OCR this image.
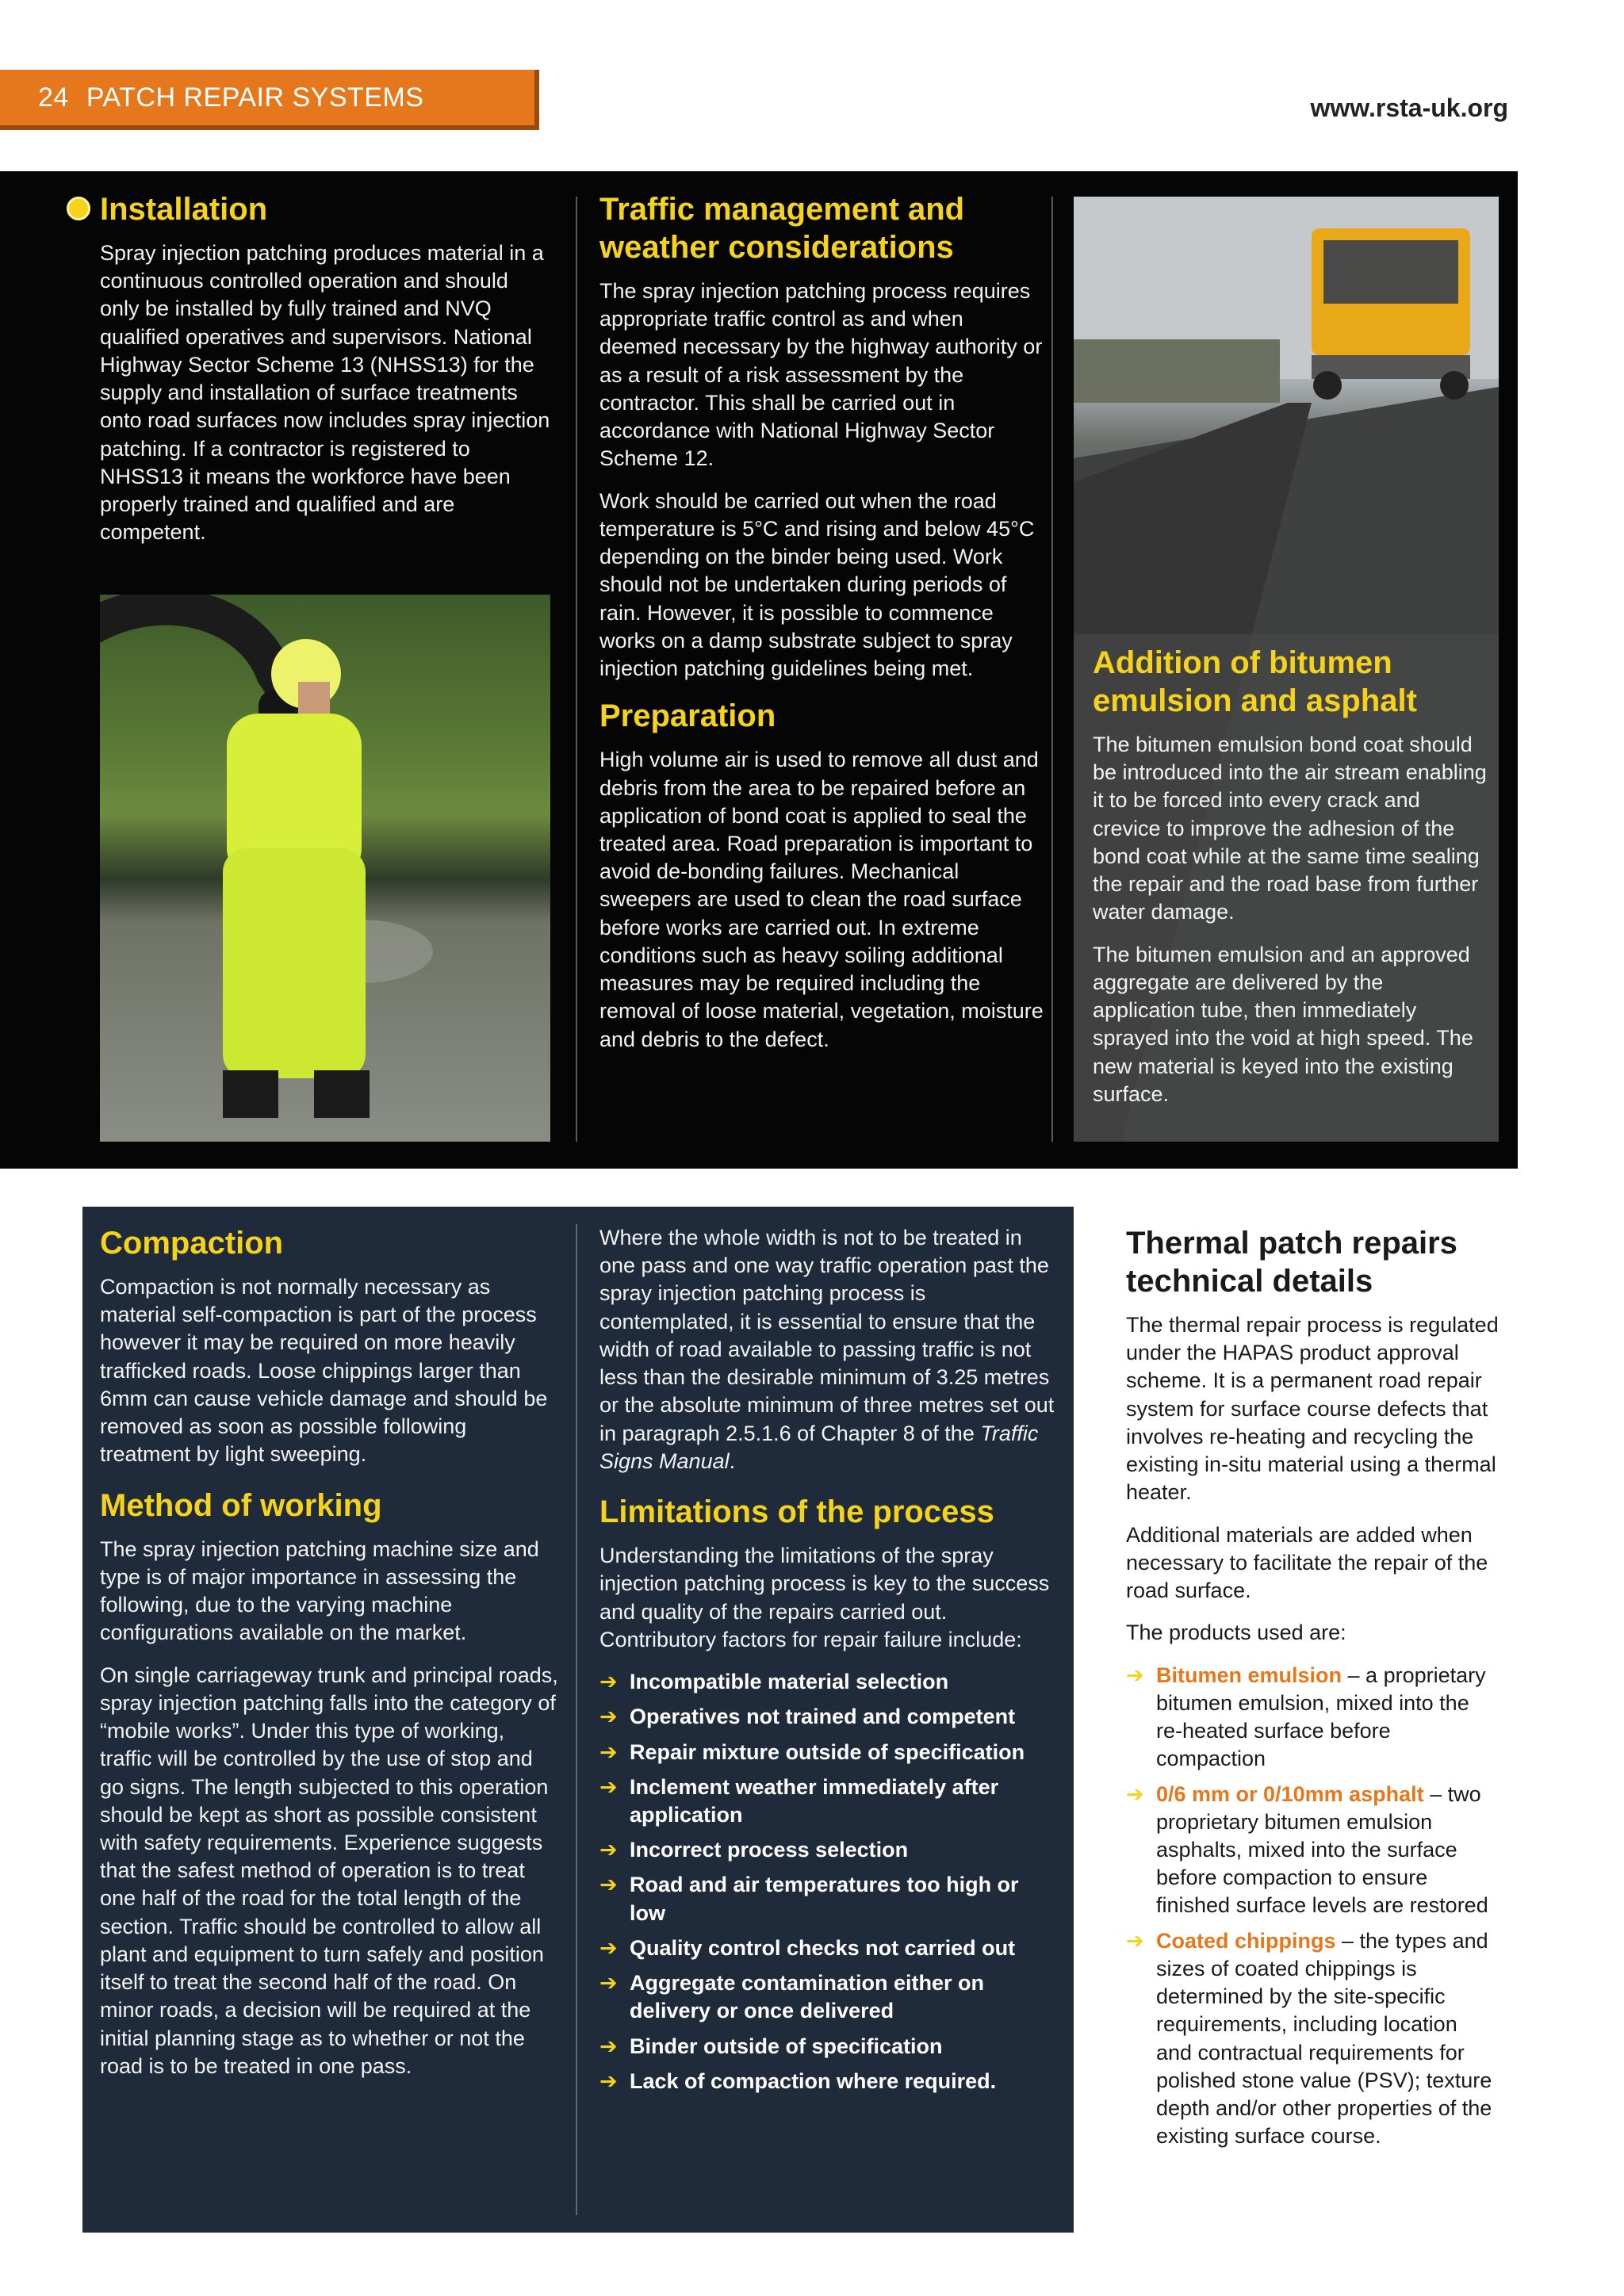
24 PATCH REPAIR SYSTEMS	www.rsta-uk.org
Installation

Spray injection patching produces material in a continuous controlled operation and should only be installed by fully trained and NVQ qualified operatives and supervisors. National Highway Sector Scheme 13 (NHSS13) for the supply and installation of surface treatments onto road surfaces now includes spray injection patching. If a contractor is registered to NHSS13 it means the workforce have been properly trained and qualified and are competent.

Traffic management and weather considerations

The spray injection patching process requires appropriate traffic control as and when deemed necessary by the highway authority or as a result of a risk assessment by the contractor. This shall be carried out in accordance with National Highway Sector Scheme 12.

Work should be carried out when the road temperature is 5°C and rising and below 45°C depending on the binder being used. Work should not be undertaken during periods of rain. However, it is possible to commence works on a damp substrate subject to spray injection patching guidelines being met.

Preparation

High volume air is used to remove all dust and debris from the area to be repaired before an application of bond coat is applied to seal the treated area. Road preparation is important to avoid de-bonding failures. Mechanical sweepers are used to clean the road surface before works are carried out. In extreme conditions such as heavy soiling additional measures may be required including the removal of loose material, vegetation, moisture and debris to the defect.

Addition of bitumen emulsion and asphalt

The bitumen emulsion bond coat should be introduced into the air stream enabling it to be forced into every crack and crevice to improve the adhesion of the bond coat while at the same time sealing the repair and the road base from further water damage.

The bitumen emulsion and an approved aggregate are delivered by the application tube, then immediately sprayed into the void at high speed. The new material is keyed into the existing surface.

Compaction

Compaction is not normally necessary as material self-compaction is part of the process however it may be required on more heavily trafficked roads. Loose chippings larger than 6mm can cause vehicle damage and should be removed as soon as possible following treatment by light sweeping.

Method of working

The spray injection patching machine size and type is of major importance in assessing the following, due to the varying machine configurations available on the market.

On single carriageway trunk and principal roads, spray injection patching falls into the category of “mobile works”. Under this type of working, traffic will be controlled by the use of stop and go signs. The length subjected to this operation should be kept as short as possible consistent with safety requirements. Experience suggests that the safest method of operation is to treat one half of the road for the total length of the section. Traffic should be controlled to allow all plant and equipment to turn safely and position itself to treat the second half of the road. On minor roads, a decision will be required at the initial planning stage as to whether or not the road is to be treated in one pass.

Where the whole width is not to be treated in one pass and one way traffic operation past the spray injection patching process is contemplated, it is essential to ensure that the width of road available to passing traffic is not less than the desirable minimum of 3.25 metres or the absolute minimum of three metres set out in paragraph 2.5.1.6 of Chapter 8 of the Traffic Signs Manual.

Limitations of the process

Understanding the limitations of the spray injection patching process is key to the success and quality of the repairs carried out. Contributory factors for repair failure include:

➔ Incompatible material selection
➔ Operatives not trained and competent
➔ Repair mixture outside of specification
➔ Inclement weather immediately after application
➔ Incorrect process selection
➔ Road and air temperatures too high or low
➔ Quality control checks not carried out
➔ Aggregate contamination either on delivery or once delivered
➔ Binder outside of specification
➔ Lack of compaction where required.
Thermal patch repairs technical details

The thermal repair process is regulated under the HAPAS product approval scheme. It is a permanent road repair system for surface course defects that involves re-heating and recycling the existing in-situ material using a thermal heater.

Additional materials are added when necessary to facilitate the repair of the road surface.

The products used are:

➔ Bitumen emulsion – a proprietary bitumen emulsion, mixed into the re-heated surface before compaction
➔ 0/6 mm or 0/10mm asphalt – two proprietary bitumen emulsion asphalts, mixed into the surface before compaction to ensure finished surface levels are restored
➔ Coated chippings – the types and sizes of coated chippings is determined by the site-specific requirements, including location and contractual requirements for polished stone value (PSV); texture depth and/or other properties of the existing surface course.
